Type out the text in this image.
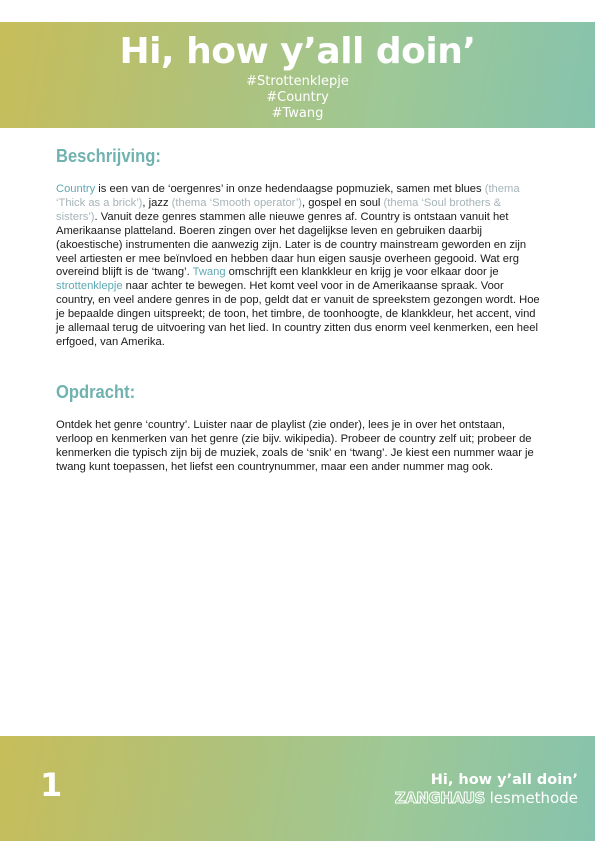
Hi, how y’all doin’
#Strottenklepje
#Country
#Twang
Beschrijving:
Country is een van de ‘oergenres’ in onze hedendaagse popmuziek, samen met blues (thema ‘Thick as a brick’), jazz (thema ‘Smooth operator’), gospel en soul (thema ‘Soul brothers & sisters’). Vanuit deze genres stammen alle nieuwe genres af. Country is ontstaan vanuit het Amerikaanse platteland. Boeren zingen over het dagelijkse leven en gebruiken daarbij (akoestische) instrumenten die aanwezig zijn. Later is de country mainstream geworden en zijn veel artiesten er mee beïnvloed en hebben daar hun eigen sausje overheen gegooid. Wat erg overeind blijft is de ‘twang’. Twang omschrijft een klankkleur en krijg je voor elkaar door je strottenklepje naar achter te bewegen. Het komt veel voor in de Amerikaanse spraak. Voor country, en veel andere genres in de pop, geldt dat er vanuit de spreekstem gezongen wordt. Hoe je bepaalde dingen uitspreekt; de toon, het timbre, de toonhoogte, de klankkleur, het accent, vind je allemaal terug de uitvoering van het lied. In country zitten dus enorm veel kenmerken, een heel erfgoed, van Amerika.
Opdracht:
Ontdek het genre ‘country’. Luister naar de playlist (zie onder), lees je in over het ontstaan, verloop en kenmerken van het genre (zie bijv. wikipedia). Probeer de country zelf uit; probeer de kenmerken die typisch zijn bij de muziek, zoals de ‘snik’ en ‘twang’. Je kiest een nummer waar je twang kunt toepassen, het liefst een countrynummer, maar een ander nummer mag ook.
1	Hi, how y’all doin’
ZANGHAUS lesmethode
